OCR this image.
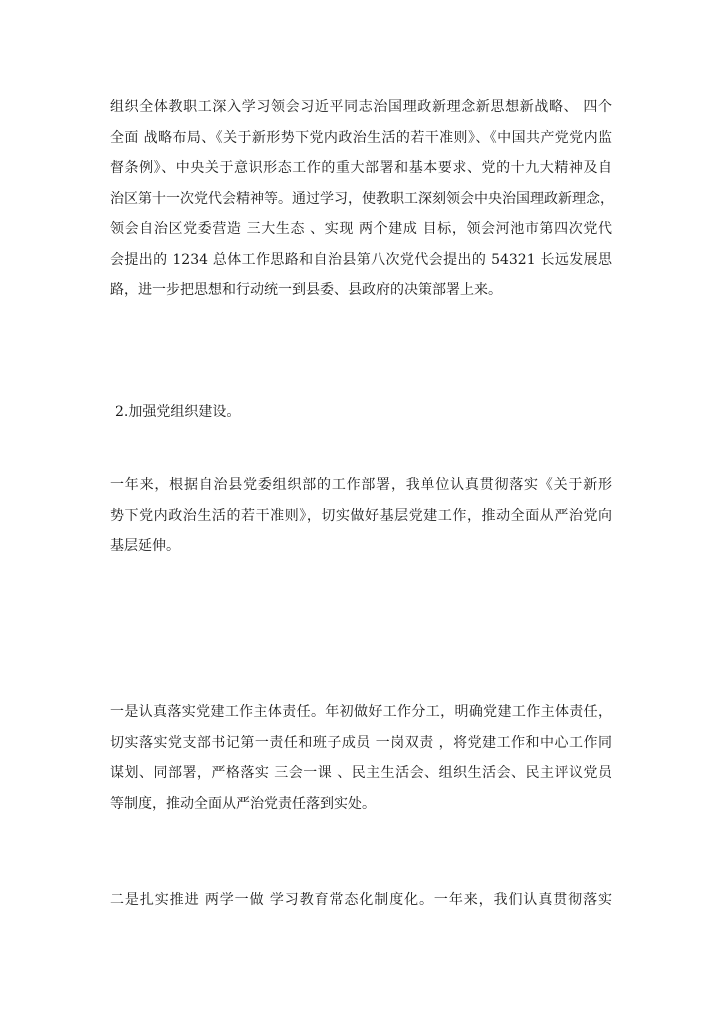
组织全体教职工深入学习领会习近平同志治国理政新理念新思想新战略、 四个
全面 战略布局、《关于新形势下党内政治生活的若干准则》、《中国共产党党内监
督条例》、中央关于意识形态工作的重大部署和基本要求、党的十九大精神及自
治区第十一次党代会精神等。通过学习，使教职工深刻领会中央治国理政新理念，
领会自治区党委营造 三大生态 、实现 两个建成 目标，领会河池市第四次党代
会提出的 1234 总体工作思路和自治县第八次党代会提出的 54321 长远发展思
路，进一步把思想和行动统一到县委、县政府的决策部署上来。
2.加强党组织建设。
一年来，根据自治县党委组织部的工作部署，我单位认真贯彻落实《关于新形
势下党内政治生活的若干准则》，切实做好基层党建工作，推动全面从严治党向
基层延伸。
一是认真落实党建工作主体责任。年初做好工作分工，明确党建工作主体责任，
切实落实党支部书记第一责任和班子成员 一岗双责 ，将党建工作和中心工作同
谋划、同部署，严格落实 三会一课 、民主生活会、组织生活会、民主评议党员
等制度，推动全面从严治党责任落到实处。
二是扎实推进 两学一做 学习教育常态化制度化。一年来，我们认真贯彻落实
